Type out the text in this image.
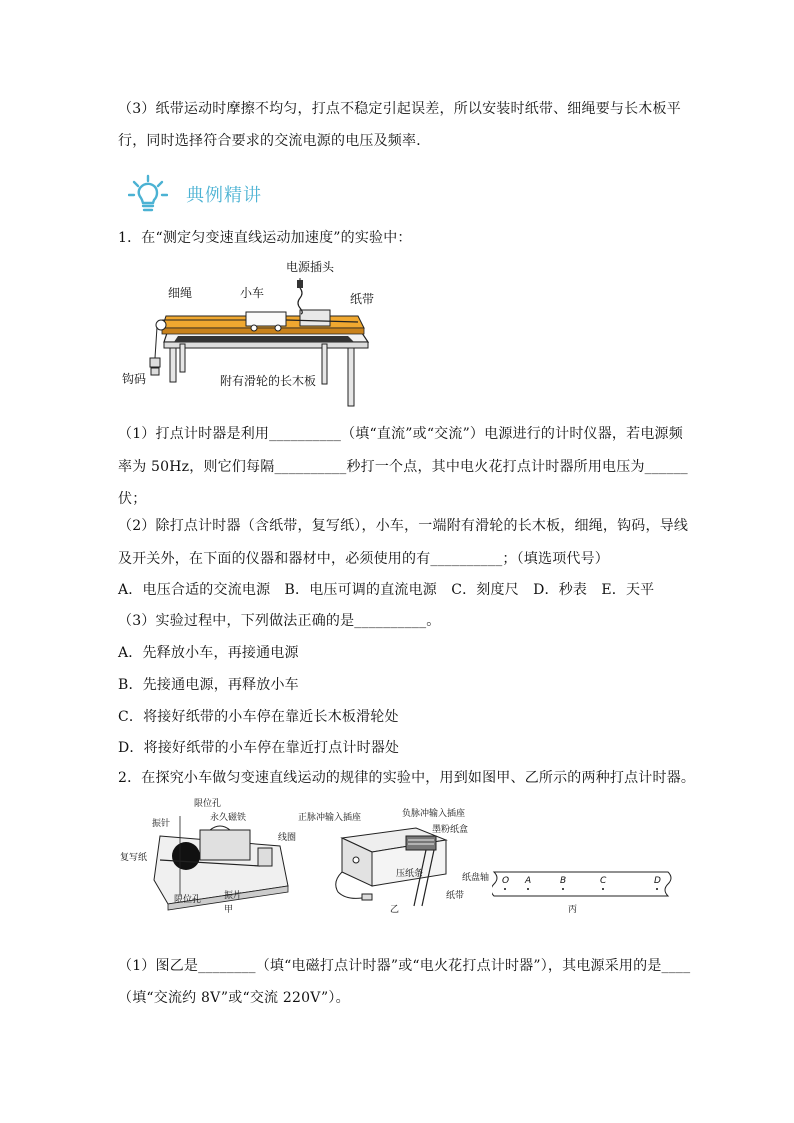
（3）纸带运动时摩擦不均匀，打点不稳定引起误差，所以安装时纸带、细绳要与长木板平
行，同时选择符合要求的交流电源的电压及频率．
典例精讲
1．在“测定匀变速直线运动加速度”的实验中：
电源插头
细绳	小车	纸带
钩码	附有滑轮的长木板
（1）打点计时器是利用__________（填“直流”或“交流”）电源进行的计时仪器，若电源频
率为 50Hz，则它们每隔__________秒打一个点，其中电火花打点计时器所用电压为______
伏；
（2）除打点计时器（含纸带，复写纸），小车，一端附有滑轮的长木板，细绳，钩码，导线
及开关外，在下面的仪器和器材中，必须使用的有__________；（填选项代号）
A．电压合适的交流电源　B．电压可调的直流电源　C．刻度尺　D．秒表　E．天平
（3）实验过程中，下列做法正确的是__________。
A．先释放小车，再接通电源
B．先接通电源，再释放小车
C．将接好纸带的小车停在靠近长木板滑轮处
D．将接好纸带的小车停在靠近打点计时器处
2．在探究小车做匀变速直线运动的规律的实验中，用到如图甲、乙所示的两种打点计时器。
限位孔
永久磁铁
振针
线圈
复写纸
限位孔	振片
甲
正脉冲输入插座	负脉冲输入插座
墨粉纸盒
压纸条	纸盘轴
纸带
乙
O A	B	C	D
丙
（1）图乙是________（填“电磁打点计时器”或“电火花打点计时器”），其电源采用的是____
（填“交流约 8V”或“交流 220V”）。
